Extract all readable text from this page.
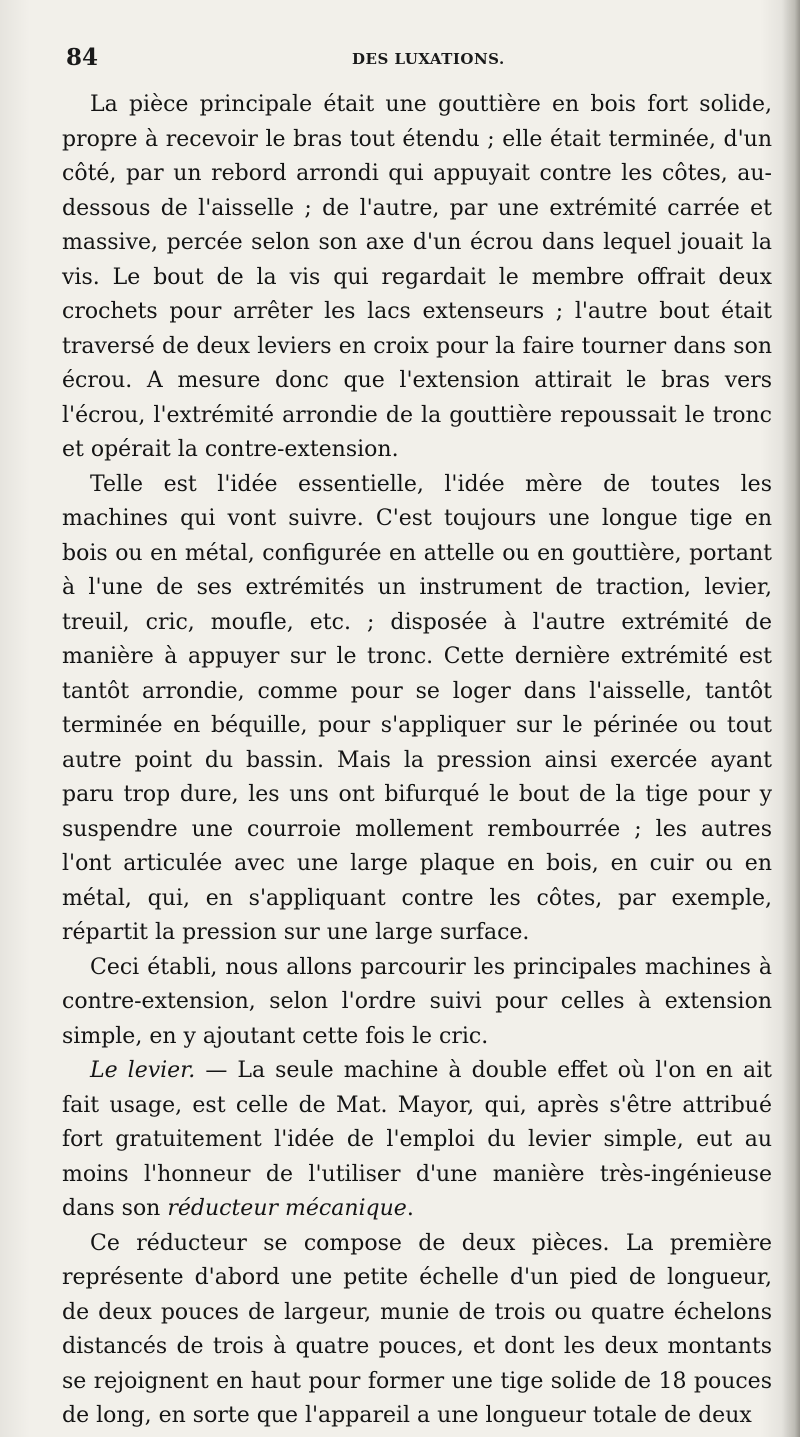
84	DES LUXATIONS.

La pièce principale était une gouttière en bois fort solide, propre à recevoir le bras tout étendu ; elle était terminée, d'un côté, par un rebord arrondi qui appuyait contre les côtes, au-dessous de l'aisselle ; de l'autre, par une extrémité carrée et massive, percée selon son axe d'un écrou dans lequel jouait la vis. Le bout de la vis qui regardait le membre offrait deux crochets pour arrêter les lacs extenseurs ; l'autre bout était traversé de deux leviers en croix pour la faire tourner dans son écrou. A mesure donc que l'extension attirait le bras vers l'écrou, l'extrémité arrondie de la gouttière repoussait le tronc et opérait la contre-extension.

Telle est l'idée essentielle, l'idée mère de toutes les machines qui vont suivre. C'est toujours une longue tige en bois ou en métal, configurée en attelle ou en gouttière, portant à l'une de ses extrémités un instrument de traction, levier, treuil, cric, moufle, etc. ; disposée à l'autre extrémité de manière à appuyer sur le tronc. Cette dernière extrémité est tantôt arrondie, comme pour se loger dans l'aisselle, tantôt terminée en béquille, pour s'appliquer sur le périnée ou tout autre point du bassin. Mais la pression ainsi exercée ayant paru trop dure, les uns ont bifurqué le bout de la tige pour y suspendre une courroie mollement rembourrée ; les autres l'ont articulée avec une large plaque en bois, en cuir ou en métal, qui, en s'appliquant contre les côtes, par exemple, répartit la pression sur une large surface.

Ceci établi, nous allons parcourir les principales machines à contre-extension, selon l'ordre suivi pour celles à extension simple, en y ajoutant cette fois le cric.

Le levier. — La seule machine à double effet où l'on en ait fait usage, est celle de Mat. Mayor, qui, après s'être attribué fort gratuitement l'idée de l'emploi du levier simple, eut au moins l'honneur de l'utiliser d'une manière très-ingénieuse dans son réducteur mécanique.

Ce réducteur se compose de deux pièces. La première représente d'abord une petite échelle d'un pied de longueur, de deux pouces de largeur, munie de trois ou quatre échelons distancés de trois à quatre pouces, et dont les deux montants se rejoignent en haut pour former une tige solide de 18 pouces de long, en sorte que l'appareil a une longueur totale de deux
